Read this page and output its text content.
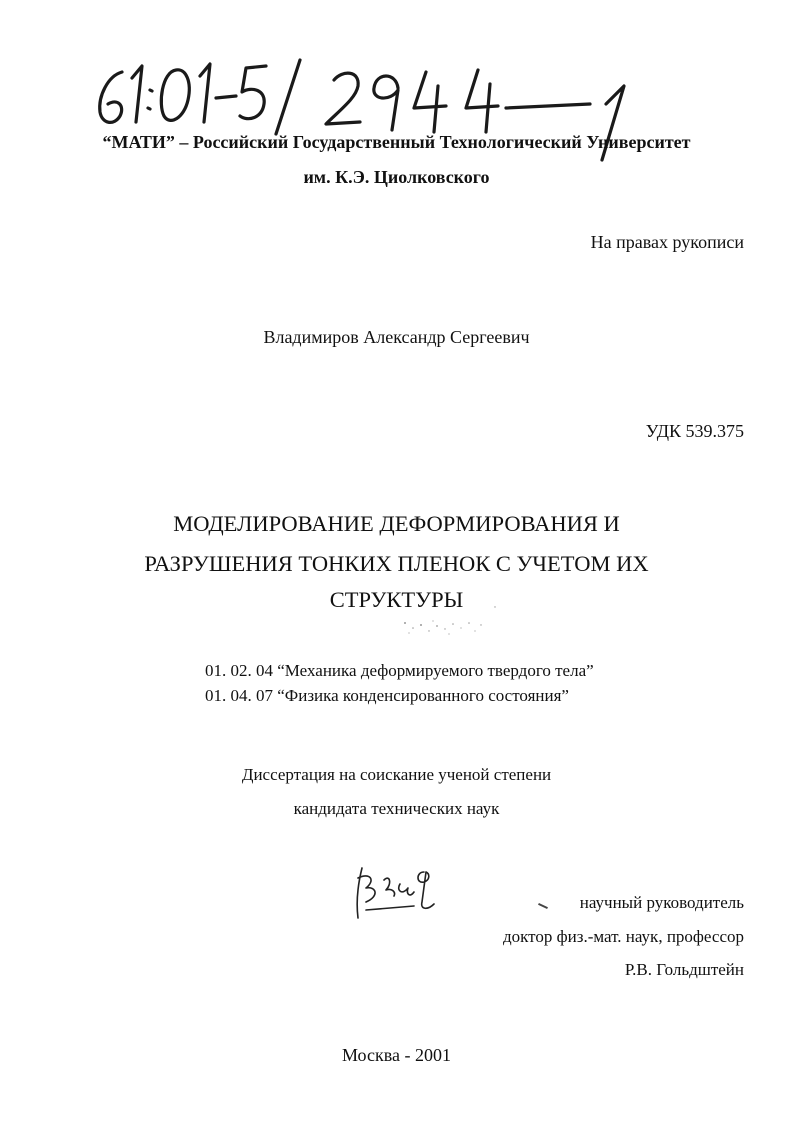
“МАТИ” – Российский Государственный Технологический Университет
им. К.Э. Циолковского
На правах рукописи
Владимиров Александр Сергеевич
УДК 539.375
МОДЕЛИРОВАНИЕ ДЕФОРМИРОВАНИЯ И
РАЗРУШЕНИЯ ТОНКИХ ПЛЕНОК С УЧЕТОМ ИХ
СТРУКТУРЫ
01. 02. 04 “Механика деформируемого твердого тела”
01. 04. 07 “Физика конденсированного состояния”
Диссертация на соискание ученой степени
кандидата технических наук
научный руководитель
доктор физ.-мат. наук, профессор
Р.В. Гольдштейн
Москва - 2001
